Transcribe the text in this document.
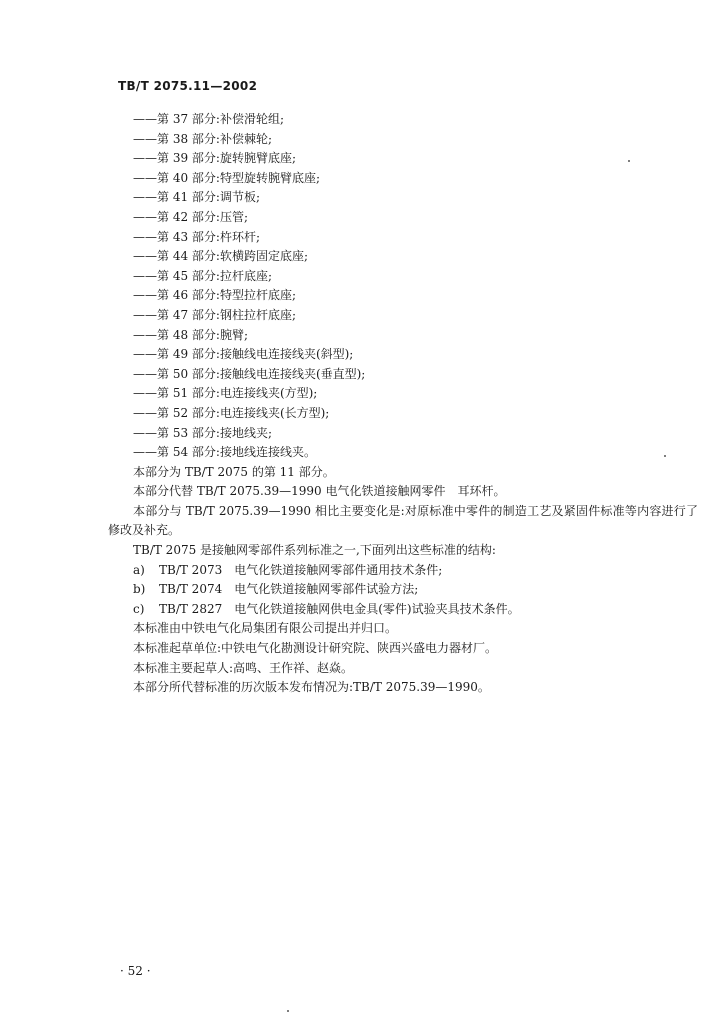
TB/T 2075.11—2002
——第 37 部分:补偿滑轮组;
——第 38 部分:补偿棘轮;
——第 39 部分:旋转腕臂底座;
——第 40 部分:特型旋转腕臂底座;
——第 41 部分:调节板;
——第 42 部分:压管;
——第 43 部分:杵环杆;
——第 44 部分:软横跨固定底座;
——第 45 部分:拉杆底座;
——第 46 部分:特型拉杆底座;
——第 47 部分:钢柱拉杆底座;
——第 48 部分:腕臂;
——第 49 部分:接触线电连接线夹(斜型);
——第 50 部分:接触线电连接线夹(垂直型);
——第 51 部分:电连接线夹(方型);
——第 52 部分:电连接线夹(长方型);
——第 53 部分:接地线夹;
——第 54 部分:接地线连接线夹。
本部分为 TB/T 2075 的第 11 部分。
本部分代替 TB/T 2075.39—1990 电气化铁道接触网零件　耳环杆。
本部分与 TB/T 2075.39—1990 相比主要变化是:对原标准中零件的制造工艺及紧固件标准等内容进行了修改及补充。
TB/T 2075 是接触网零部件系列标准之一,下面列出这些标准的结构:
a) TB/T 2073　电气化铁道接触网零部件通用技术条件;
b) TB/T 2074　电气化铁道接触网零部件试验方法;
c) TB/T 2827　电气化铁道接触网供电金具(零件)试验夹具技术条件。
本标准由中铁电气化局集团有限公司提出并归口。
本标准起草单位:中铁电气化勘测设计研究院、陕西兴盛电力器材厂。
本标准主要起草人:高鸣、王作祥、赵焱。
本部分所代替标准的历次版本发布情况为:TB/T 2075.39—1990。
· 52 ·
